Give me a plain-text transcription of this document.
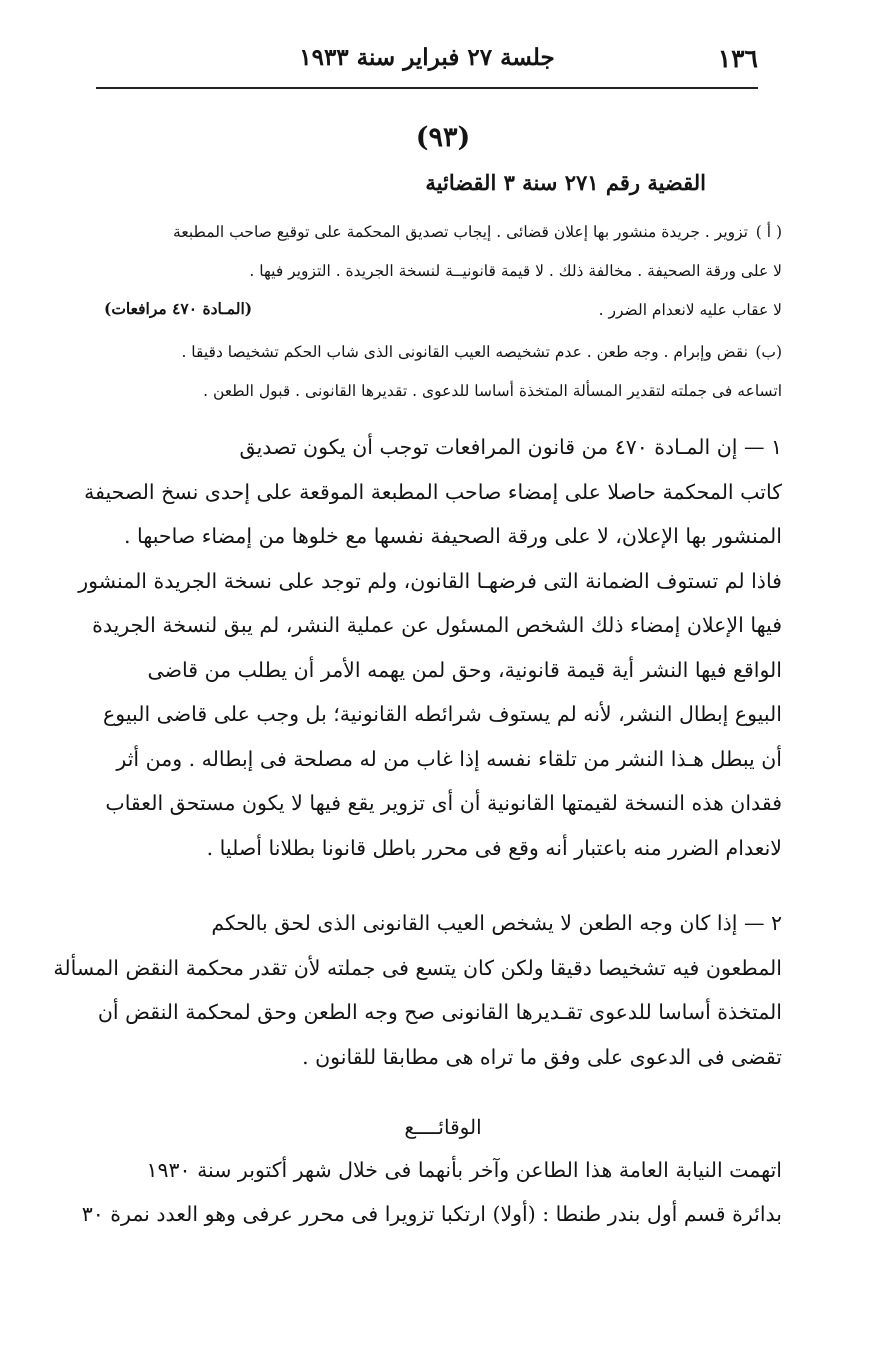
١٣٦
جلسة ٢٧ فبراير سنة ١٩٣٣
(٩٣)
القضية رقم ٢٧١ سنة ٣ القضائية
( أ )
تزوير . جريدة منشور بها إعلان قضائى . إيجاب تصديق المحكمة على توقيع صاحب المطبعة
لا على ورقة الصحيفة . مخالفة ذلك . لا قيمة قانونيــة لنسخة الجريدة . التزوير فيها .
لا عقاب عليه لانعدام الضرر .
(المـادة ٤٧٠ مرافعات)
(ب)
نقض وإبرام . وجه طعن . عدم تشخيصه العيب القانونى الذى شاب الحكم تشخيصا دقيقا .
اتساعه فى جملته لتقدير المسألة المتخذة أساسا للدعوى . تقديرها القانونى . قبول الطعن .
١ — إن المـادة ٤٧٠ من قانون المرافعات توجب أن يكون تصديق
كاتب المحكمة حاصلا على إمضاء صاحب المطبعة الموقعة على إحدى نسخ الصحيفة
المنشور بها الإعلان، لا على ورقة الصحيفة نفسها مع خلوها من إمضاء صاحبها .
فاذا لم تستوف الضمانة التى فرضهـا القانون، ولم توجد على نسخة الجريدة المنشور
فيها الإعلان إمضاء ذلك الشخص المسئول عن عملية النشر، لم يبق لنسخة الجريدة
الواقع فيها النشر أية قيمة قانونية، وحق لمن يهمه الأمر أن يطلب من قاضى
البيوع إبطال النشر، لأنه لم يستوف شرائطه القانونية؛ بل وجب على قاضى البيوع
أن يبطل هـذا النشر من تلقاء نفسه إذا غاب من له مصلحة فى إبطاله . ومن أثر
فقدان هذه النسخة لقيمتها القانونية أن أى تزوير يقع فيها لا يكون مستحق العقاب
لانعدام الضرر منه باعتبار أنه وقع فى محرر باطل قانونا بطلانا أصليا .
٢ — إذا كان وجه الطعن لا يشخص العيب القانونى الذى لحق بالحكم
المطعون فيه تشخيصا دقيقا ولكن كان يتسع فى جملته لأن تقدر محكمة النقض المسألة
المتخذة أساسا للدعوى تقـديرها القانونى صح وجه الطعن وحق لمحكمة النقض أن
تقضى فى الدعوى على وفق ما تراه هى مطابقا للقانون .
الوقائــــع
اتهمت النيابة العامة هذا الطاعن وآخر بأنهما فى خلال شهر أكتوبر سنة ١٩٣٠
بدائرة قسم أول بندر طنطا : (أولا) ارتكبا تزويرا فى محرر عرفى وهو العدد نمرة ٣٠
